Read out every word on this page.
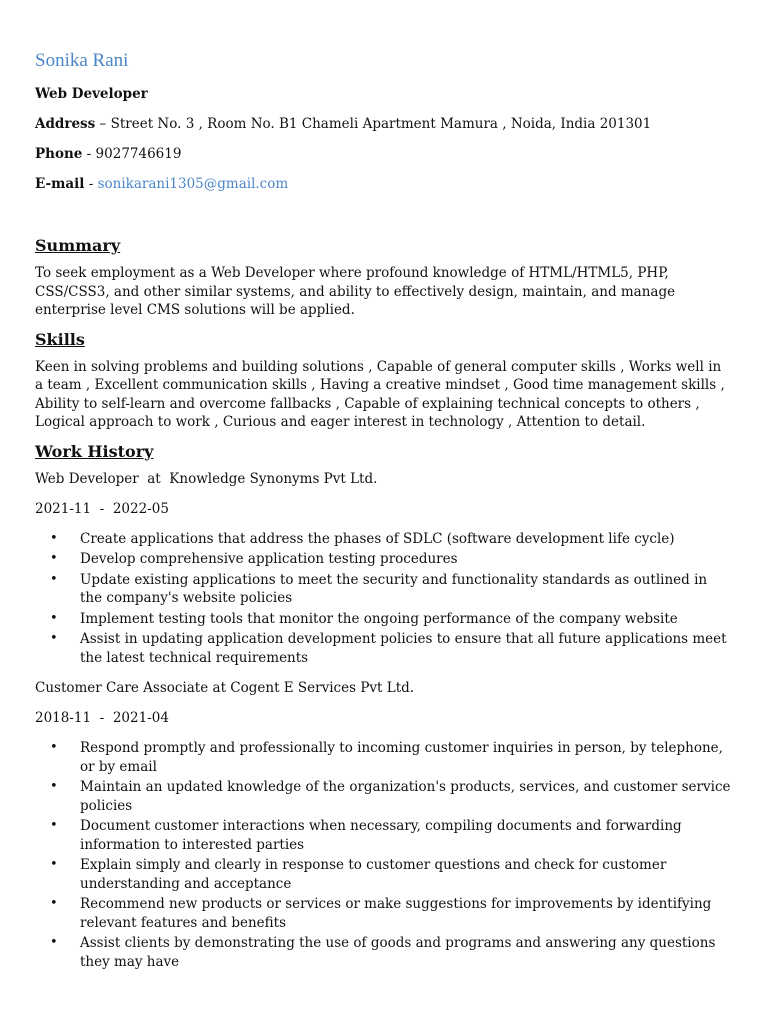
Sonika Rani
Web Developer
Address – Street No. 3 , Room No. B1 Chameli Apartment Mamura , Noida, India 201301
Phone - 9027746619
E-mail - sonikarani1305@gmail.com
Summary
To seek employment as a Web Developer where profound knowledge of HTML/HTML5, PHP, CSS/CSS3, and other similar systems, and ability to effectively design, maintain, and manage enterprise level CMS solutions will be applied.
Skills
Keen in solving problems and building solutions , Capable of general computer skills , Works well in a team , Excellent communication skills , Having a creative mindset , Good time management skills , Ability to self-learn and overcome fallbacks , Capable of explaining technical concepts to others , Logical approach to work , Curious and eager interest in technology , Attention to detail.
Work History
Web Developer  at  Knowledge Synonyms Pvt Ltd.
2021-11  -  2022-05
• Create applications that address the phases of SDLC (software development life cycle)
• Develop comprehensive application testing procedures
• Update existing applications to meet the security and functionality standards as outlined in the company's website policies
• Implement testing tools that monitor the ongoing performance of the company website
• Assist in updating application development policies to ensure that all future applications meet the latest technical requirements
Customer Care Associate at Cogent E Services Pvt Ltd.
2018-11  -  2021-04
• Respond promptly and professionally to incoming customer inquiries in person, by telephone, or by email
• Maintain an updated knowledge of the organization's products, services, and customer service policies
• Document customer interactions when necessary, compiling documents and forwarding information to interested parties
• Explain simply and clearly in response to customer questions and check for customer understanding and acceptance
• Recommend new products or services or make suggestions for improvements by identifying relevant features and benefits
• Assist clients by demonstrating the use of goods and programs and answering any questions they may have
